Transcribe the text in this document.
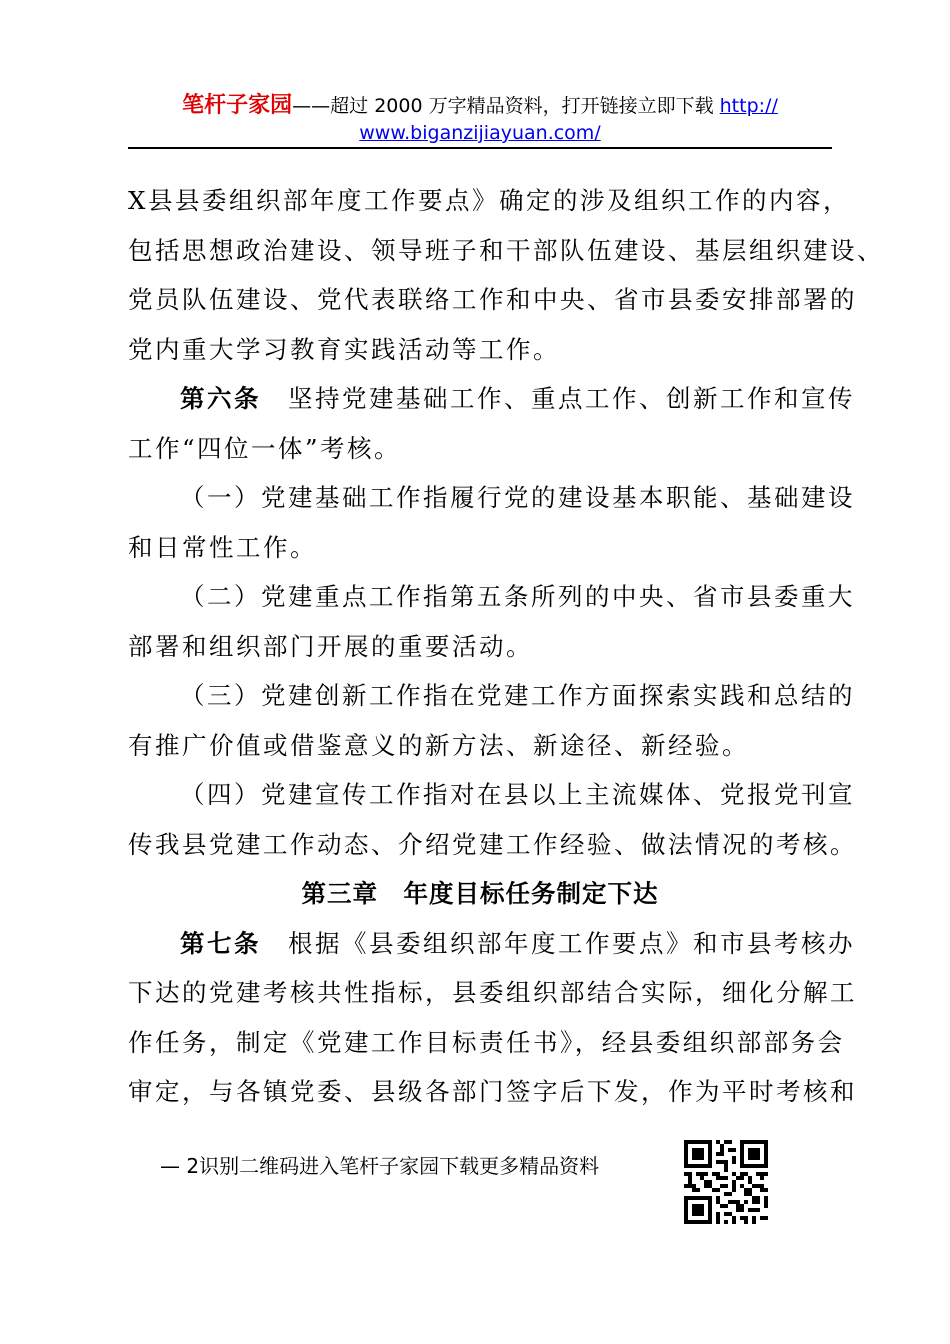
笔杆子家园——超过 2000 万字精品资料，打开链接立即下载 http://
www.biganzijiayuan.com/
X县县委组织部年度工作要点》确定的涉及组织工作的内容，
包括思想政治建设、领导班子和干部队伍建设、基层组织建设、
党员队伍建设、党代表联络工作和中央、省市县委安排部署的
党内重大学习教育实践活动等工作。
第六条　 坚持党建基础工作、重点工作、创新工作和宣传
工作“四位一体”考核。
（一）党建基础工作指履行党的建设基本职能、基础建设
和日常性工作。
（二）党建重点工作指第五条所列的中央、省市县委重大
部署和组织部门开展的重要活动。
（三）党建创新工作指在党建工作方面探索实践和总结的
有推广价值或借鉴意义的新方法、新途径、新经验。
（四）党建宣传工作指对在县以上主流媒体、党报党刊宣
传我县党建工作动态、介绍党建工作经验、做法情况的考核。
第三章　年度目标任务制定下达
第七条　 根据《县委组织部年度工作要点》和市县考核办
下达的党建考核共性指标，县委组织部结合实际，细化分解工
作任务，制定《党建工作目标责任书》，经县委组织部部务会
审定，与各镇党委、县级各部门签字后下发，作为平时考核和
— 2识别二维码进入笔杆子家园下载更多精品资料
